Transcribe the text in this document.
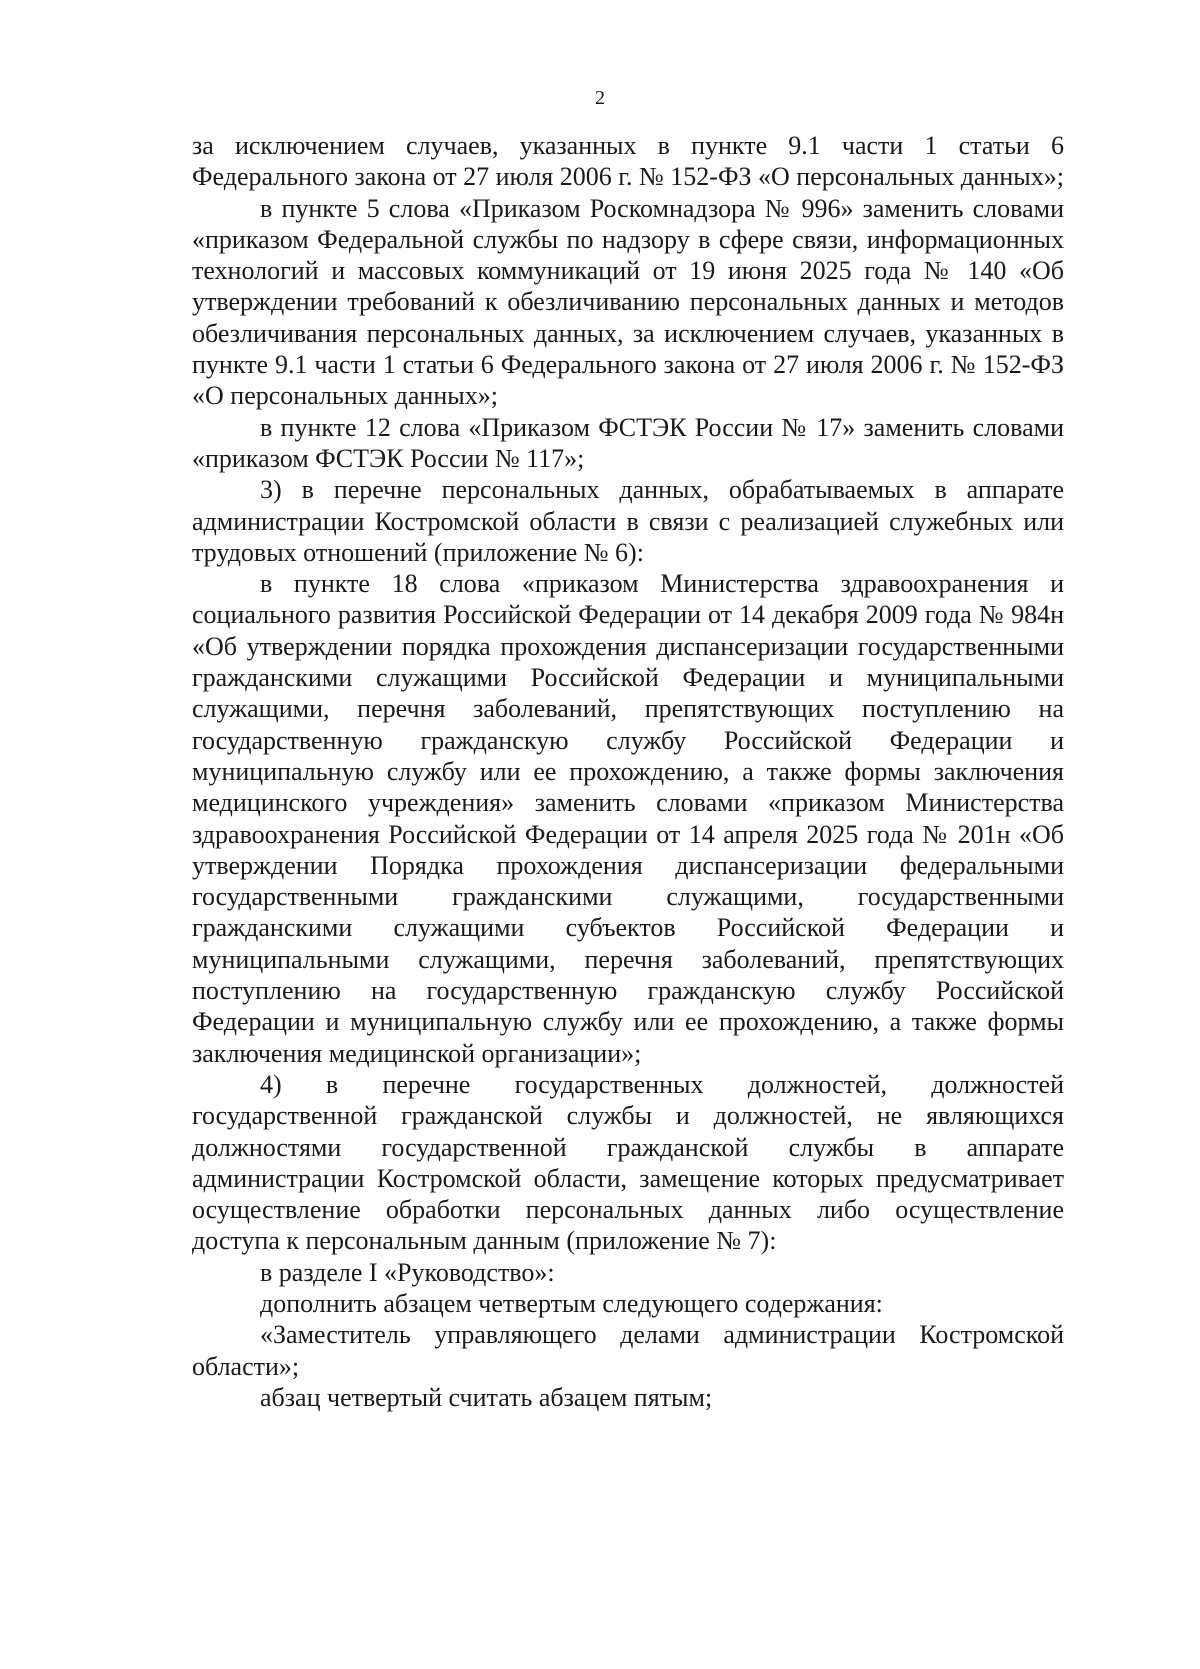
2

за исключением случаев, указанных в пункте 9.1 части 1 статьи 6 Федерального закона от 27 июля 2006 г. № 152-ФЗ «О персональных данных»;

в пункте 5 слова «Приказом Роскомнадзора № 996» заменить словами «приказом Федеральной службы по надзору в сфере связи, информационных технологий и массовых коммуникаций от 19 июня 2025 года № 140 «Об утверждении требований к обезличиванию персональных данных и методов обезличивания персональных данных, за исключением случаев, указанных в пункте 9.1 части 1 статьи 6 Федерального закона от 27 июля 2006 г. № 152-ФЗ «О персональных данных»;

в пункте 12 слова «Приказом ФСТЭК России № 17» заменить словами «приказом ФСТЭК России № 117»;

3) в перечне персональных данных, обрабатываемых в аппарате администрации Костромской области в связи с реализацией служебных или трудовых отношений (приложение № 6):

в пункте 18 слова «приказом Министерства здравоохранения и социального развития Российской Федерации от 14 декабря 2009 года № 984н «Об утверждении порядка прохождения диспансеризации государственными гражданскими служащими Российской Федерации и муниципальными служащими, перечня заболеваний, препятствующих поступлению на государственную гражданскую службу Российской Федерации и муниципальную службу или ее прохождению, а также формы заключения медицинского учреждения» заменить словами «приказом Министерства здравоохранения Российской Федерации от 14 апреля 2025 года № 201н «Об утверждении Порядка прохождения диспансеризации федеральными государственными гражданскими служащими, государственными гражданскими служащими субъектов Российской Федерации и муниципальными служащими, перечня заболеваний, препятствующих поступлению на государственную гражданскую службу Российской Федерации и муниципальную службу или ее прохождению, а также формы заключения медицинской организации»;

4) в перечне государственных должностей, должностей государственной гражданской службы и должностей, не являющихся должностями государственной гражданской службы в аппарате администрации Костромской области, замещение которых предусматривает осуществление обработки персональных данных либо осуществление доступа к персональным данным (приложение № 7):

в разделе I «Руководство»:

дополнить абзацем четвертым следующего содержания:

«Заместитель управляющего делами администрации Костромской области»;

абзац четвертый считать абзацем пятым;
